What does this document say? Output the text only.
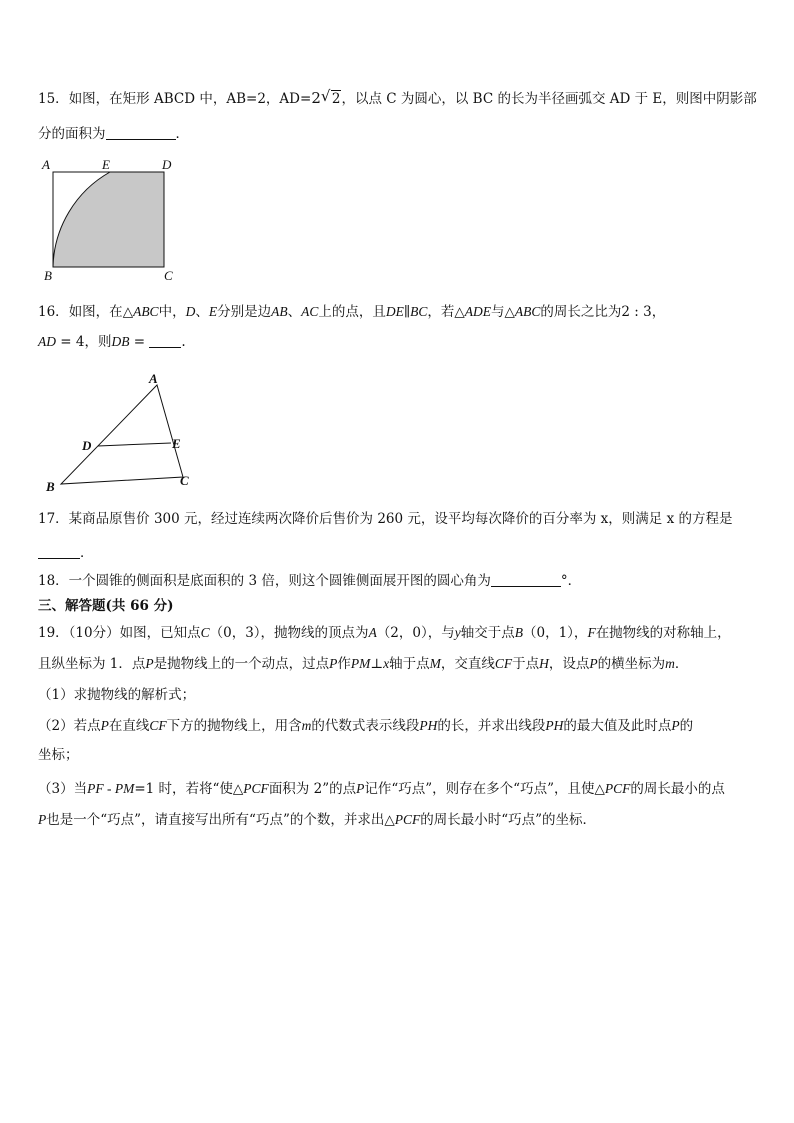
15．如图，在矩形 ABCD 中，AB=2，AD=2 √ 2，以点 C 为圆心，以 BC 的长为半径画弧交 AD 于 E，则图中阴影部
分的面积为	．
A	E	D
B	C
16．如图，在△ABC中，D、E分别是边AB、AC上的点，且DE∥BC，若△ADE与△ABC的周长之比为2 : 3，
AD = 4，则DB = .
A
D	E
B	C
17．某商品原售价 300 元，经过连续两次降价后售价为 260 元，设平均每次降价的百分率为 x，则满足 x 的方程是
．
18．一个圆锥的侧面积是底面积的 3 倍，则这个圆锥侧面展开图的圆心角为	°．
三、解答题(共 66 分)
19．（10分）如图，已知点C（0，3），抛物线的顶点为A（2，0），与y轴交于点B（0，1），F在抛物线的对称轴上，
且纵坐标为 1．点P是抛物线上的一个动点，过点P作PM⊥x轴于点M，交直线CF于点H，设点P的横坐标为m．
（1）求抛物线的解析式；
（2）若点P在直线CF下方的抛物线上，用含m的代数式表示线段PH的长，并求出线段PH的最大值及此时点P的
坐标；
（3）当PF - PM=1 时，若将“使△PCF面积为 2”的点P记作“巧点”，则存在多个“巧点”，且使△PCF的周长最小的点
P也是一个“巧点”，请直接写出所有“巧点”的个数，并求出△PCF的周长最小时“巧点”的坐标．
